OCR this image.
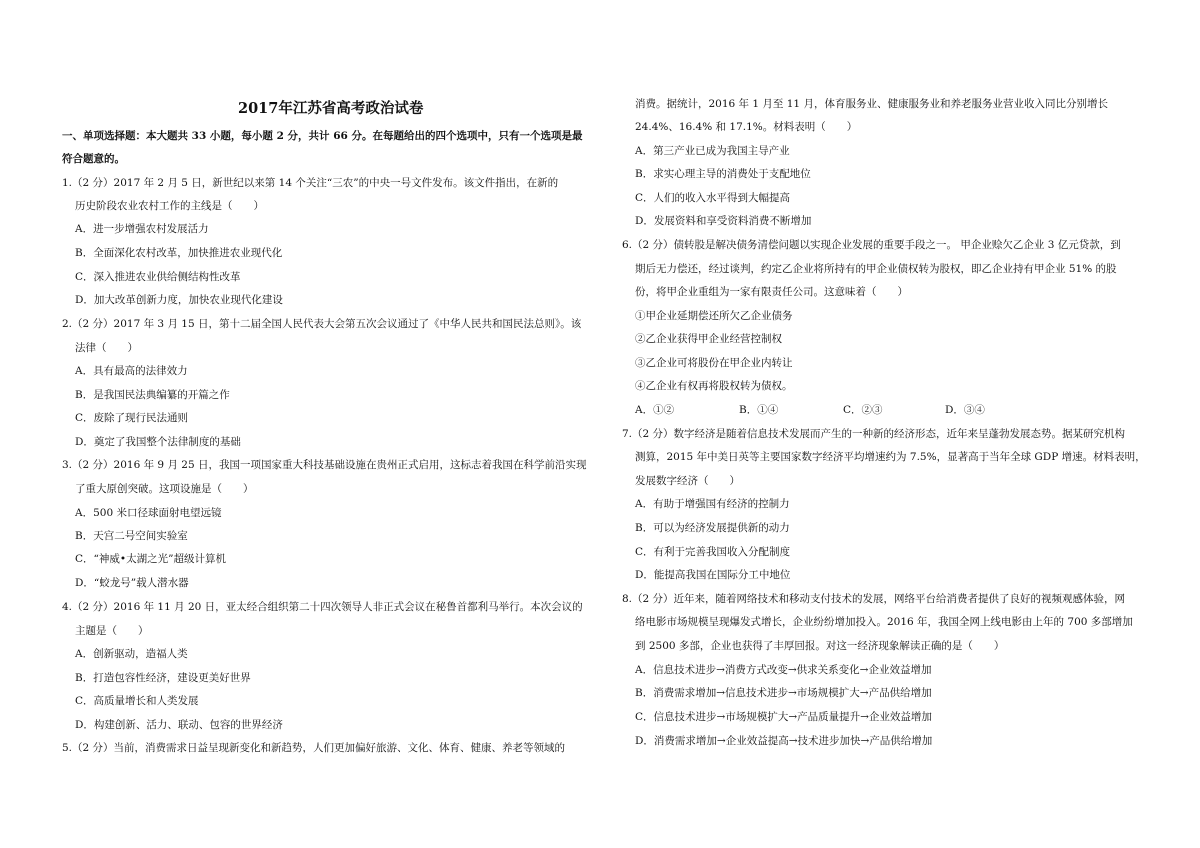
2017年江苏省高考政治试卷
一、单项选择题：本大题共 33 小题，每小题 2 分，共计 66 分。在每题给出的四个选项中，只有一个选项是最
符合题意的。
1.（2 分）2017 年 2 月 5 日，新世纪以来第 14 个关注“三农”的中央一号文件发布。该文件指出，在新的
历史阶段农业农村工作的主线是（　　）
A．进一步增强农村发展活力
B．全面深化农村改革，加快推进农业现代化
C．深入推进农业供给侧结构性改革
D．加大改革创新力度，加快农业现代化建设
2.（2 分）2017 年 3 月 15 日，第十二届全国人民代表大会第五次会议通过了《中华人民共和国民法总则》。该
法律（　　）
A．具有最高的法律效力
B．是我国民法典编纂的开篇之作
C．废除了现行民法通则
D．奠定了我国整个法律制度的基础
3.（2 分）2016 年 9 月 25 日，我国一项国家重大科技基础设施在贵州正式启用，这标志着我国在科学前沿实现
了重大原创突破。这项设施是（　　）
A．500 米口径球面射电望远镜
B．天宫二号空间实验室
C．“神威•太湖之光”超级计算机
D．“蛟龙号”载人潜水器
4.（2 分）2016 年 11 月 20 日，亚太经合组织第二十四次领导人非正式会议在秘鲁首都利马举行。本次会议的
主题是（　　）
A．创新驱动，造福人类
B．打造包容性经济，建设更美好世界
C．高质量增长和人类发展
D．构建创新、活力、联动、包容的世界经济
5.（2 分）当前，消费需求日益呈现新变化和新趋势，人们更加偏好旅游、文化、体育、健康、养老等领域的
消费。据统计，2016 年 1 月至 11 月，体育服务业、健康服务业和养老服务业营业收入同比分别增长
24.4%、16.4% 和 17.1%。材料表明（　　）
A．第三产业已成为我国主导产业
B．求实心理主导的消费处于支配地位
C．人们的收入水平得到大幅提高
D．发展资料和享受资料消费不断增加
6.（2 分）债转股是解决债务清偿问题以实现企业发展的重要手段之一。 甲企业赊欠乙企业 3 亿元贷款，到
期后无力偿还，经过谈判，约定乙企业将所持有的甲企业债权转为股权，即乙企业持有甲企业 51% 的股
份，将甲企业重组为一家有限责任公司。这意味着（　　）
①甲企业延期偿还所欠乙企业债务
②乙企业获得甲企业经营控制权
③乙企业可将股份在甲企业内转让
④乙企业有权再将股权转为债权。
A．①②	B．①④	C．②③	D．③④
7.（2 分）数字经济是随着信息技术发展而产生的一种新的经济形态，近年来呈蓬勃发展态势。据某研究机构
测算，2015 年中美日英等主要国家数字经济平均增速约为 7.5%，显著高于当年全球 GDP 增速。材料表明，
发展数字经济（　　）
A．有助于增强国有经济的控制力
B．可以为经济发展提供新的动力
C．有利于完善我国收入分配制度
D．能提高我国在国际分工中地位
8.（2 分）近年来，随着网络技术和移动支付技术的发展，网络平台给消费者提供了良好的视频观感体验，网
络电影市场规模呈现爆发式增长，企业纷纷增加投入。2016 年，我国全网上线电影由上年的 700 多部增加
到 2500 多部，企业也获得了丰厚回报。对这一经济现象解读正确的是（　　）
A．信息技术进步→消费方式改变→供求关系变化→企业效益增加
B．消费需求增加→信息技术进步→市场规模扩大→产品供给增加
C．信息技术进步→市场规模扩大→产品质量提升→企业效益增加
D．消费需求增加→企业效益提高→技术进步加快→产品供给增加
